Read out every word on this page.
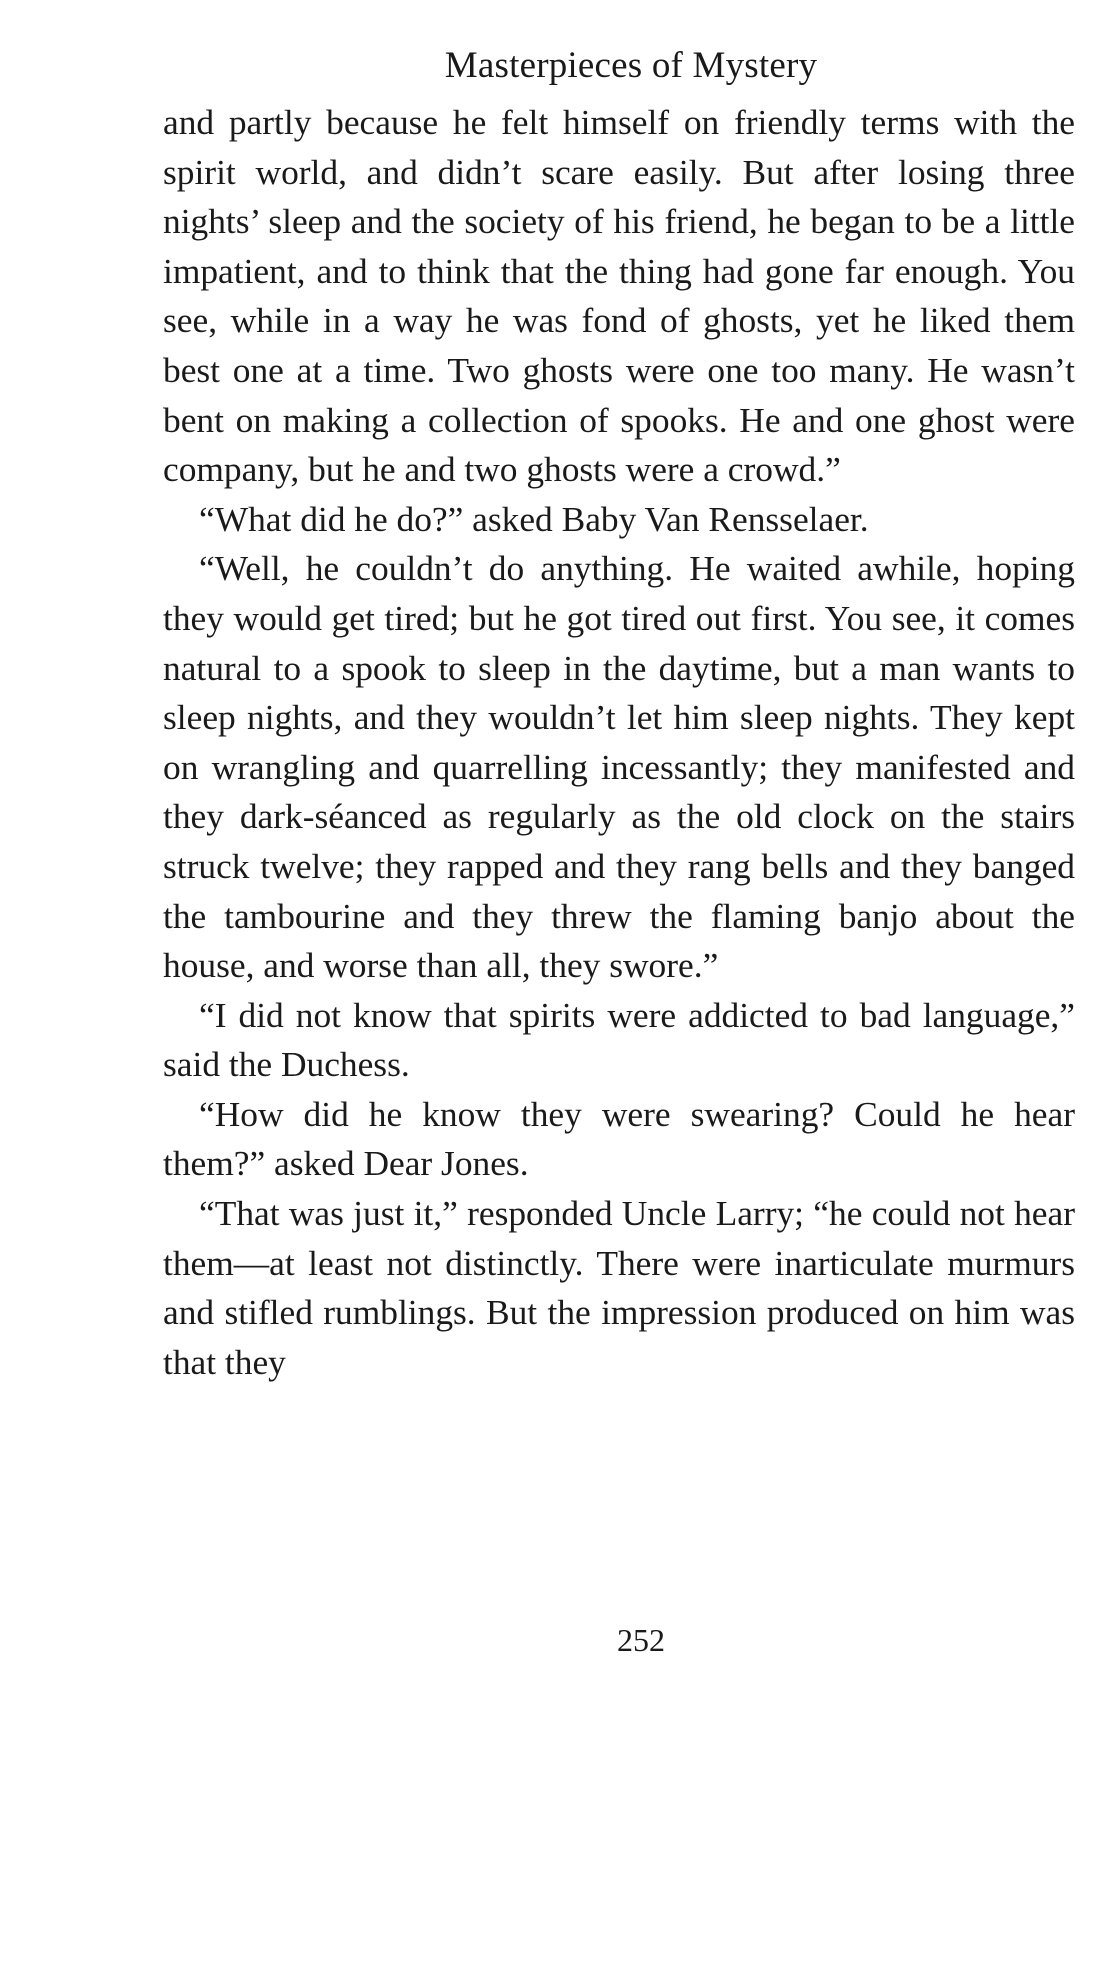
Masterpieces of Mystery

and partly because he felt himself on friendly terms with the spirit world, and didn’t scare easily. But after losing three nights’ sleep and the society of his friend, he began to be a little impatient, and to think that the thing had gone far enough. You see, while in a way he was fond of ghosts, yet he liked them best one at a time. Two ghosts were one too many. He wasn’t bent on making a collection of spooks. He and one ghost were company, but he and two ghosts were a crowd.”

“What did he do?” asked Baby Van Rensselaer.

“Well, he couldn’t do anything. He waited awhile, hoping they would get tired; but he got tired out first. You see, it comes natural to a spook to sleep in the daytime, but a man wants to sleep nights, and they wouldn’t let him sleep nights. They kept on wrangling and quarrelling incessantly; they manifested and they dark-séanced as regularly as the old clock on the stairs struck twelve; they rapped and they rang bells and they banged the tambourine and they threw the flaming banjo about the house, and worse than all, they swore.”

“I did not know that spirits were addicted to bad language,” said the Duchess.

“How did he know they were swearing? Could he hear them?” asked Dear Jones.

“That was just it,” responded Uncle Larry; “he could not hear them—at least not distinctly. There were inarticulate murmurs and stifled rumblings. But the impression produced on him was that they

252
